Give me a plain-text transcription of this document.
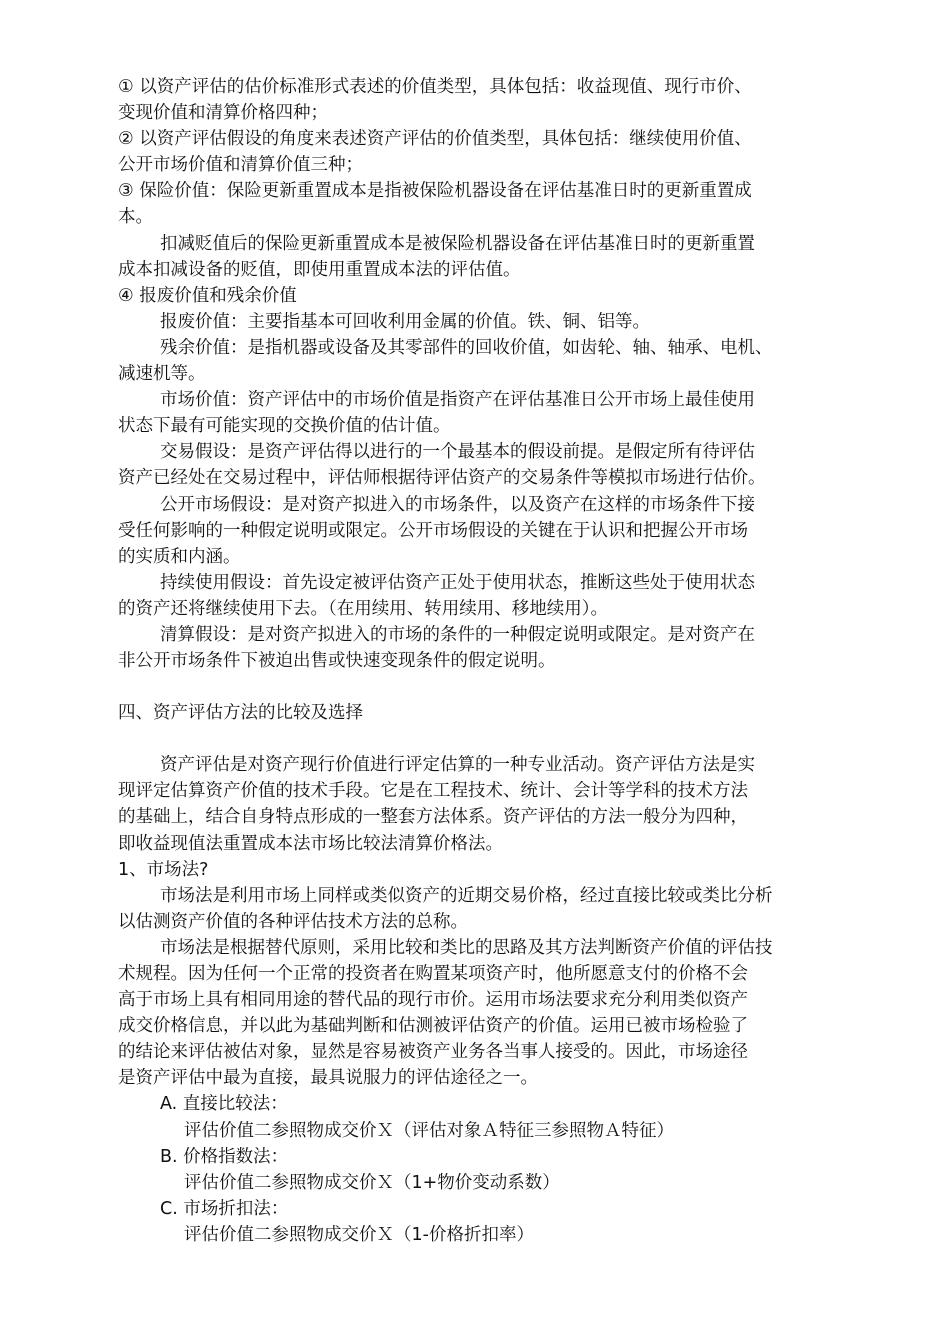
① 以资产评估的估价标准形式表述的价值类型，具体包括：收益现值、现行市价、
变现价值和清算价格四种；
② 以资产评估假设的角度来表述资产评估的价值类型，具体包括：继续使用价值、
公开市场价值和清算价值三种；
③ 保险价值：保险更新重置成本是指被保险机器设备在评估基准日时的更新重置成
本。
扣减贬值后的保险更新重置成本是被保险机器设备在评估基准日时的更新重置
成本扣减设备的贬值，即使用重置成本法的评估值。
④ 报废价值和残余价值
报废价值：主要指基本可回收利用金属的价值。铁、铜、铝等。
残余价值：是指机器或设备及其零部件的回收价值，如齿轮、轴、轴承、电机、
减速机等。
市场价值：资产评估中的市场价值是指资产在评估基准日公开市场上最佳使用
状态下最有可能实现的交换价值的估计值。
交易假设：是资产评估得以进行的一个最基本的假设前提。是假定所有待评估
资产已经处在交易过程中，评估师根据待评估资产的交易条件等模拟市场进行估价。
公开市场假设：是对资产拟进入的市场条件，以及资产在这样的市场条件下接
受任何影响的一种假定说明或限定。公开市场假设的关键在于认识和把握公开市场
的实质和内涵。
持续使用假设：首先设定被评估资产正处于使用状态，推断这些处于使用状态
的资产还将继续使用下去。（在用续用、转用续用、移地续用）。
清算假设：是对资产拟进入的市场的条件的一种假定说明或限定。是对资产在
非公开市场条件下被迫出售或快速变现条件的假定说明。
四、资产评估方法的比较及选择
资产评估是对资产现行价值进行评定估算的一种专业活动。资产评估方法是实
现评定估算资产价值的技术手段。它是在工程技术、统计、会计等学科的技术方法
的基础上，结合自身特点形成的一整套方法体系。资产评估的方法一般分为四种，
即收益现值法重置成本法市场比较法清算价格法。
1、市场法?
市场法是利用市场上同样或类似资产的近期交易价格，经过直接比较或类比分析
以估测资产价值的各种评估技术方法的总称。
市场法是根据替代原则，采用比较和类比的思路及其方法判断资产价值的评估技
术规程。因为任何一个正常的投资者在购置某项资产时，他所愿意支付的价格不会
高于市场上具有相同用途的替代品的现行市价。运用市场法要求充分利用类似资产
成交价格信息，并以此为基础判断和估测被评估资产的价值。运用已被市场检验了
的结论来评估被估对象，显然是容易被资产业务各当事人接受的。因此，市场途径
是资产评估中最为直接，最具说服力的评估途径之一。
A. 直接比较法：
评估价值二参照物成交价Ｘ（评估对象Ａ特征三参照物Ａ特征）
B. 价格指数法：
评估价值二参照物成交价Ｘ（1+物价变动系数）
C. 市场折扣法：
评估价值二参照物成交价Ｘ（1-价格折扣率）
